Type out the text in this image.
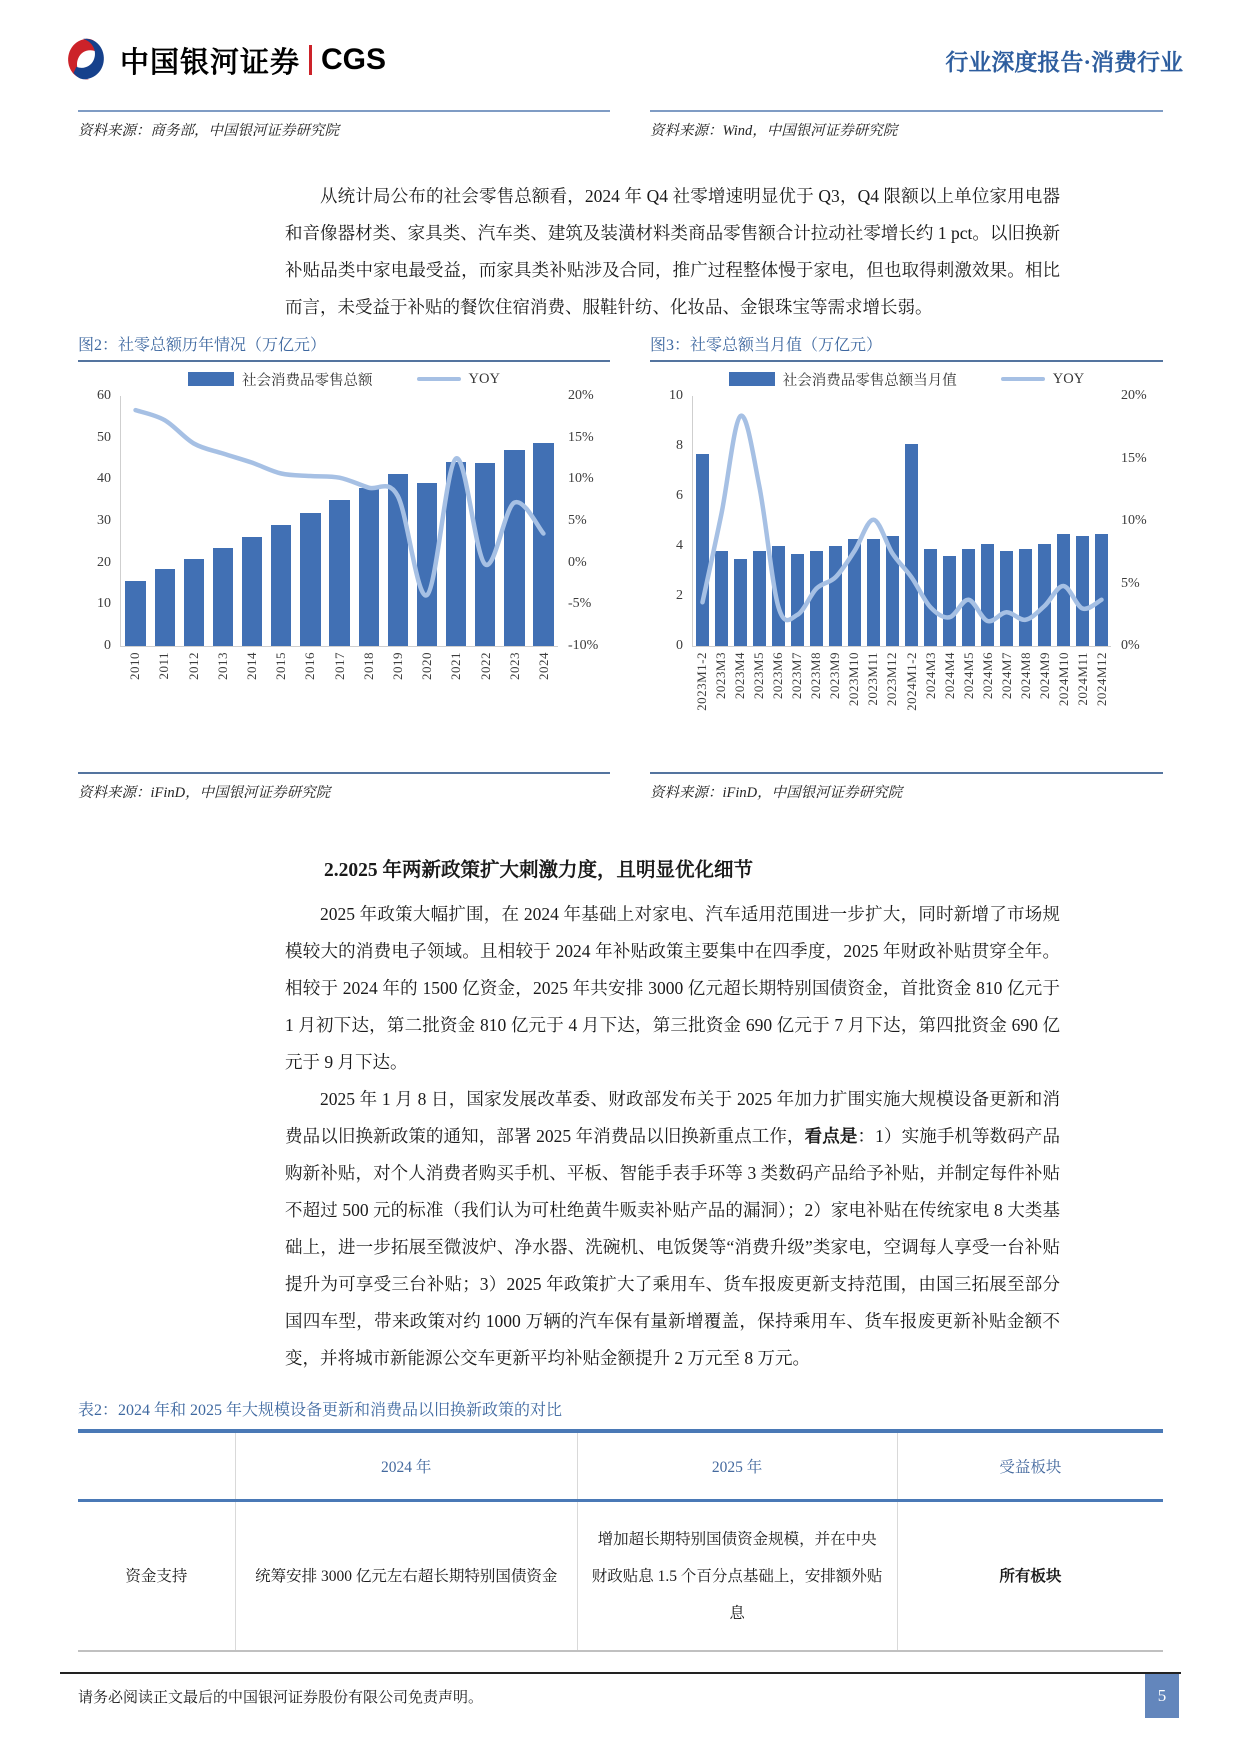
中国银河证券 CGS	行业深度报告·消费行业
资料来源：商务部，中国银河证券研究院	资料来源：Wind，中国银河证券研究院
从统计局公布的社会零售总额看，2024 年 Q4 社零增速明显优于 Q3，Q4 限额以上单位家用电器和音像器材类、家具类、汽车类、建筑及装潢材料类商品零售额合计拉动社零增长约 1 pct。以旧换新补贴品类中家电最受益，而家具类补贴涉及合同，推广过程整体慢于家电，但也取得刺激效果。相比而言，未受益于补贴的餐饮住宿消费、服鞋针纺、化妆品、金银珠宝等需求增长弱。
图2：社零总额历年情况（万亿元）
社会消费品零售总额	YOY
60
50
40
30
20
10
0
2010 2011 2012 2013 2014 2015 2016 2017 2018 2019 2020 2021 2022 2023 2024
20%
15%
10%
5%
0%
-5%
-10%
资料来源：iFinD，中国银河证券研究院
图3：社零总额当月值（万亿元）
社会消费品零售总额当月值	YOY
10
8
6
4
2
0
2023M1-2 2023M3 2023M4 2023M5 2023M6 2023M7 2023M8 2023M9 2023M10 2023M11 2023M12 2024M1-2 2024M3 2024M4 2024M5 2024M6 2024M7 2024M8 2024M9 2024M10 2024M11 2024M12
20%
15%
10%
5%
0%
资料来源：iFinD，中国银河证券研究院
2.2025 年两新政策扩大刺激力度，且明显优化细节
2025 年政策大幅扩围，在 2024 年基础上对家电、汽车适用范围进一步扩大，同时新增了市场规模较大的消费电子领域。且相较于 2024 年补贴政策主要集中在四季度，2025 年财政补贴贯穿全年。相较于 2024 年的 1500 亿资金，2025 年共安排 3000 亿元超长期特别国债资金，首批资金 810 亿元于 1 月初下达，第二批资金 810 亿元于 4 月下达，第三批资金 690 亿元于 7 月下达，第四批资金 690 亿元于 9 月下达。
2025 年 1 月 8 日，国家发展改革委、财政部发布关于 2025 年加力扩围实施大规模设备更新和消费品以旧换新政策的通知，部署 2025 年消费品以旧换新重点工作，看点是：1）实施手机等数码产品购新补贴，对个人消费者购买手机、平板、智能手表手环等 3 类数码产品给予补贴，并制定每件补贴不超过 500 元的标准（我们认为可杜绝黄牛贩卖补贴产品的漏洞）；2）家电补贴在传统家电 8 大类基础上，进一步拓展至微波炉、净水器、洗碗机、电饭煲等“消费升级”类家电，空调每人享受一台补贴提升为可享受三台补贴；3）2025 年政策扩大了乘用车、货车报废更新支持范围，由国三拓展至部分国四车型，带来政策对约 1000 万辆的汽车保有量新增覆盖，保持乘用车、货车报废更新补贴金额不变，并将城市新能源公交车更新平均补贴金额提升 2 万元至 8 万元。
表2：2024 年和 2025 年大规模设备更新和消费品以旧换新政策的对比
	2024 年	2025 年	受益板块
资金支持	统筹安排 3000 亿元左右超长期特别国债资金	增加超长期特别国债资金规模，并在中央财政贴息 1.5 个百分点基础上，安排额外贴息	所有板块
请务必阅读正文最后的中国银河证券股份有限公司免责声明。	5
